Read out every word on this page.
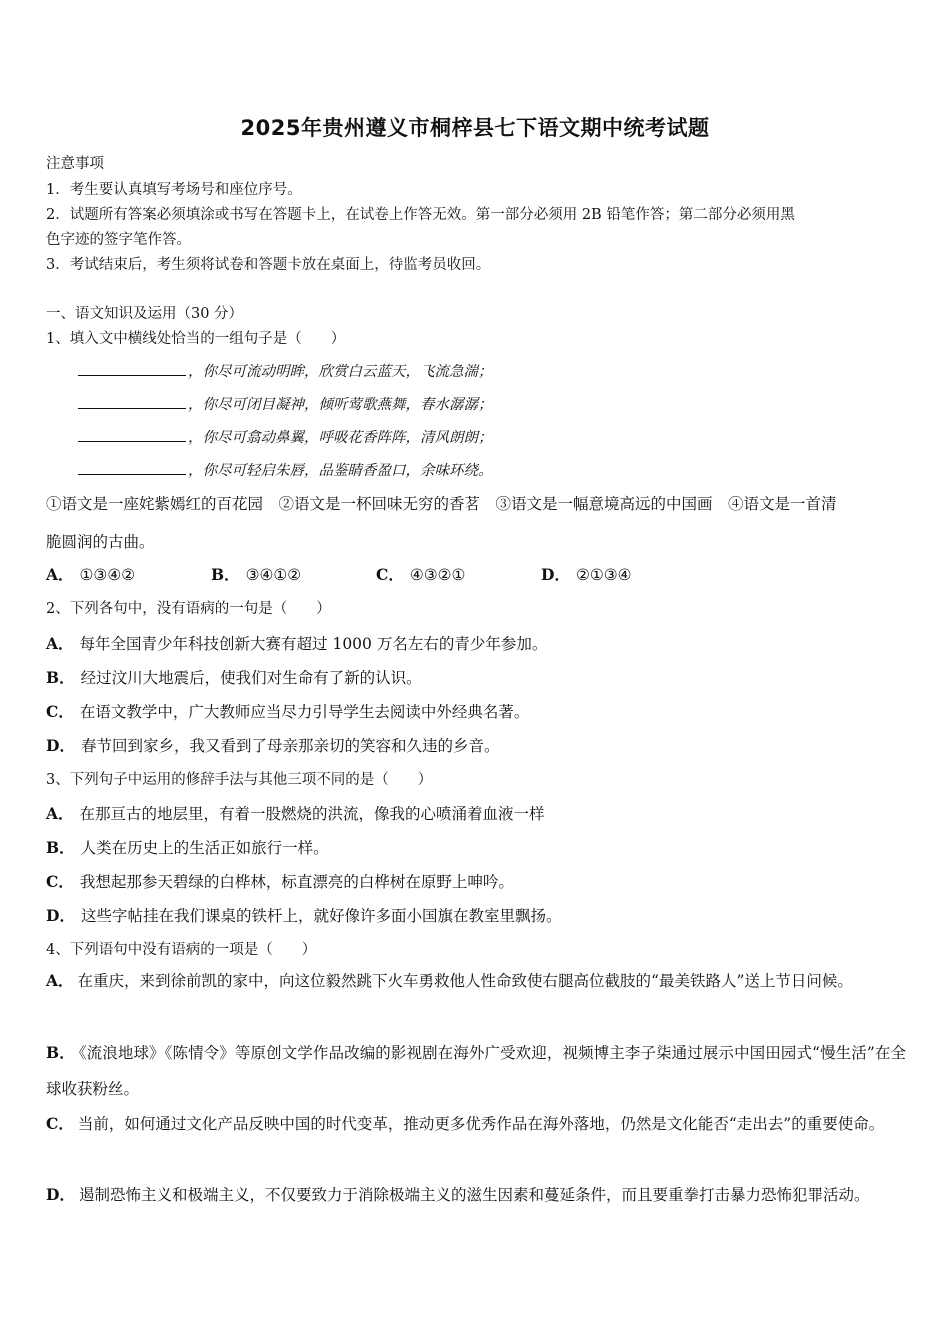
2025年贵州遵义市桐梓县七下语文期中统考试题
注意事项
1．考生要认真填写考场号和座位序号。
2．试题所有答案必须填涂或书写在答题卡上，在试卷上作答无效。第一部分必须用 2B 铅笔作答；第二部分必须用黑
色字迹的签字笔作答。
3．考试结束后，考生须将试卷和答题卡放在桌面上，待监考员收回。
一、语文知识及运用（30 分）
1、填入文中横线处恰当的一组句子是（　　）
，你尽可流动明眸，欣赏白云蓝天，飞流急湍；
，你尽可闭目凝神，倾听莺歌燕舞，春水潺潺；
，你尽可翕动鼻翼，呼吸花香阵阵，清风朗朗；
，你尽可轻启朱唇，品鉴睛香盈口，余味环绕。
①语文是一座姹紫嫣红的百花园　②语文是一杯回味无穷的香茗　③语文是一幅意境高远的中国画　④语文是一首清
脆圆润的古曲。
A． ①③④②	B． ③④①②	C． ④③②①	D． ②①③④
2、下列各句中，没有语病的一句是（　　）
A． 每年全国青少年科技创新大赛有超过 1000 万名左右的青少年参加。
B． 经过汶川大地震后，使我们对生命有了新的认识。
C． 在语文教学中，广大教师应当尽力引导学生去阅读中外经典名著。
D． 春节回到家乡，我又看到了母亲那亲切的笑容和久违的乡音。
3、下列句子中运用的修辞手法与其他三项不同的是（　　）
A． 在那亘古的地层里，有着一股燃烧的洪流，像我的心喷涌着血液一样
B． 人类在历史上的生活正如旅行一样。
C． 我想起那参天碧绿的白桦林，标直漂亮的白桦树在原野上呻吟。
D． 这些字帖挂在我们课桌的铁杆上，就好像许多面小国旗在教室里飘扬。
4、下列语句中没有语病的一项是（　　）
A． 在重庆，来到徐前凯的家中，向这位毅然跳下火车勇救他人性命致使右腿高位截肢的“最美铁路人”送上节日问候。
B． 《流浪地球》《陈情令》等原创文学作品改编的影视剧在海外广受欢迎，视频博主李子柒通过展示中国田园式“慢生活”在全球收获粉丝。
C． 当前，如何通过文化产品反映中国的时代变革，推动更多优秀作品在海外落地，仍然是文化能否“走出去”的重要使命。
D． 遏制恐怖主义和极端主义，不仅要致力于消除极端主义的滋生因素和蔓延条件，而且要重拳打击暴力恐怖犯罪活动。
